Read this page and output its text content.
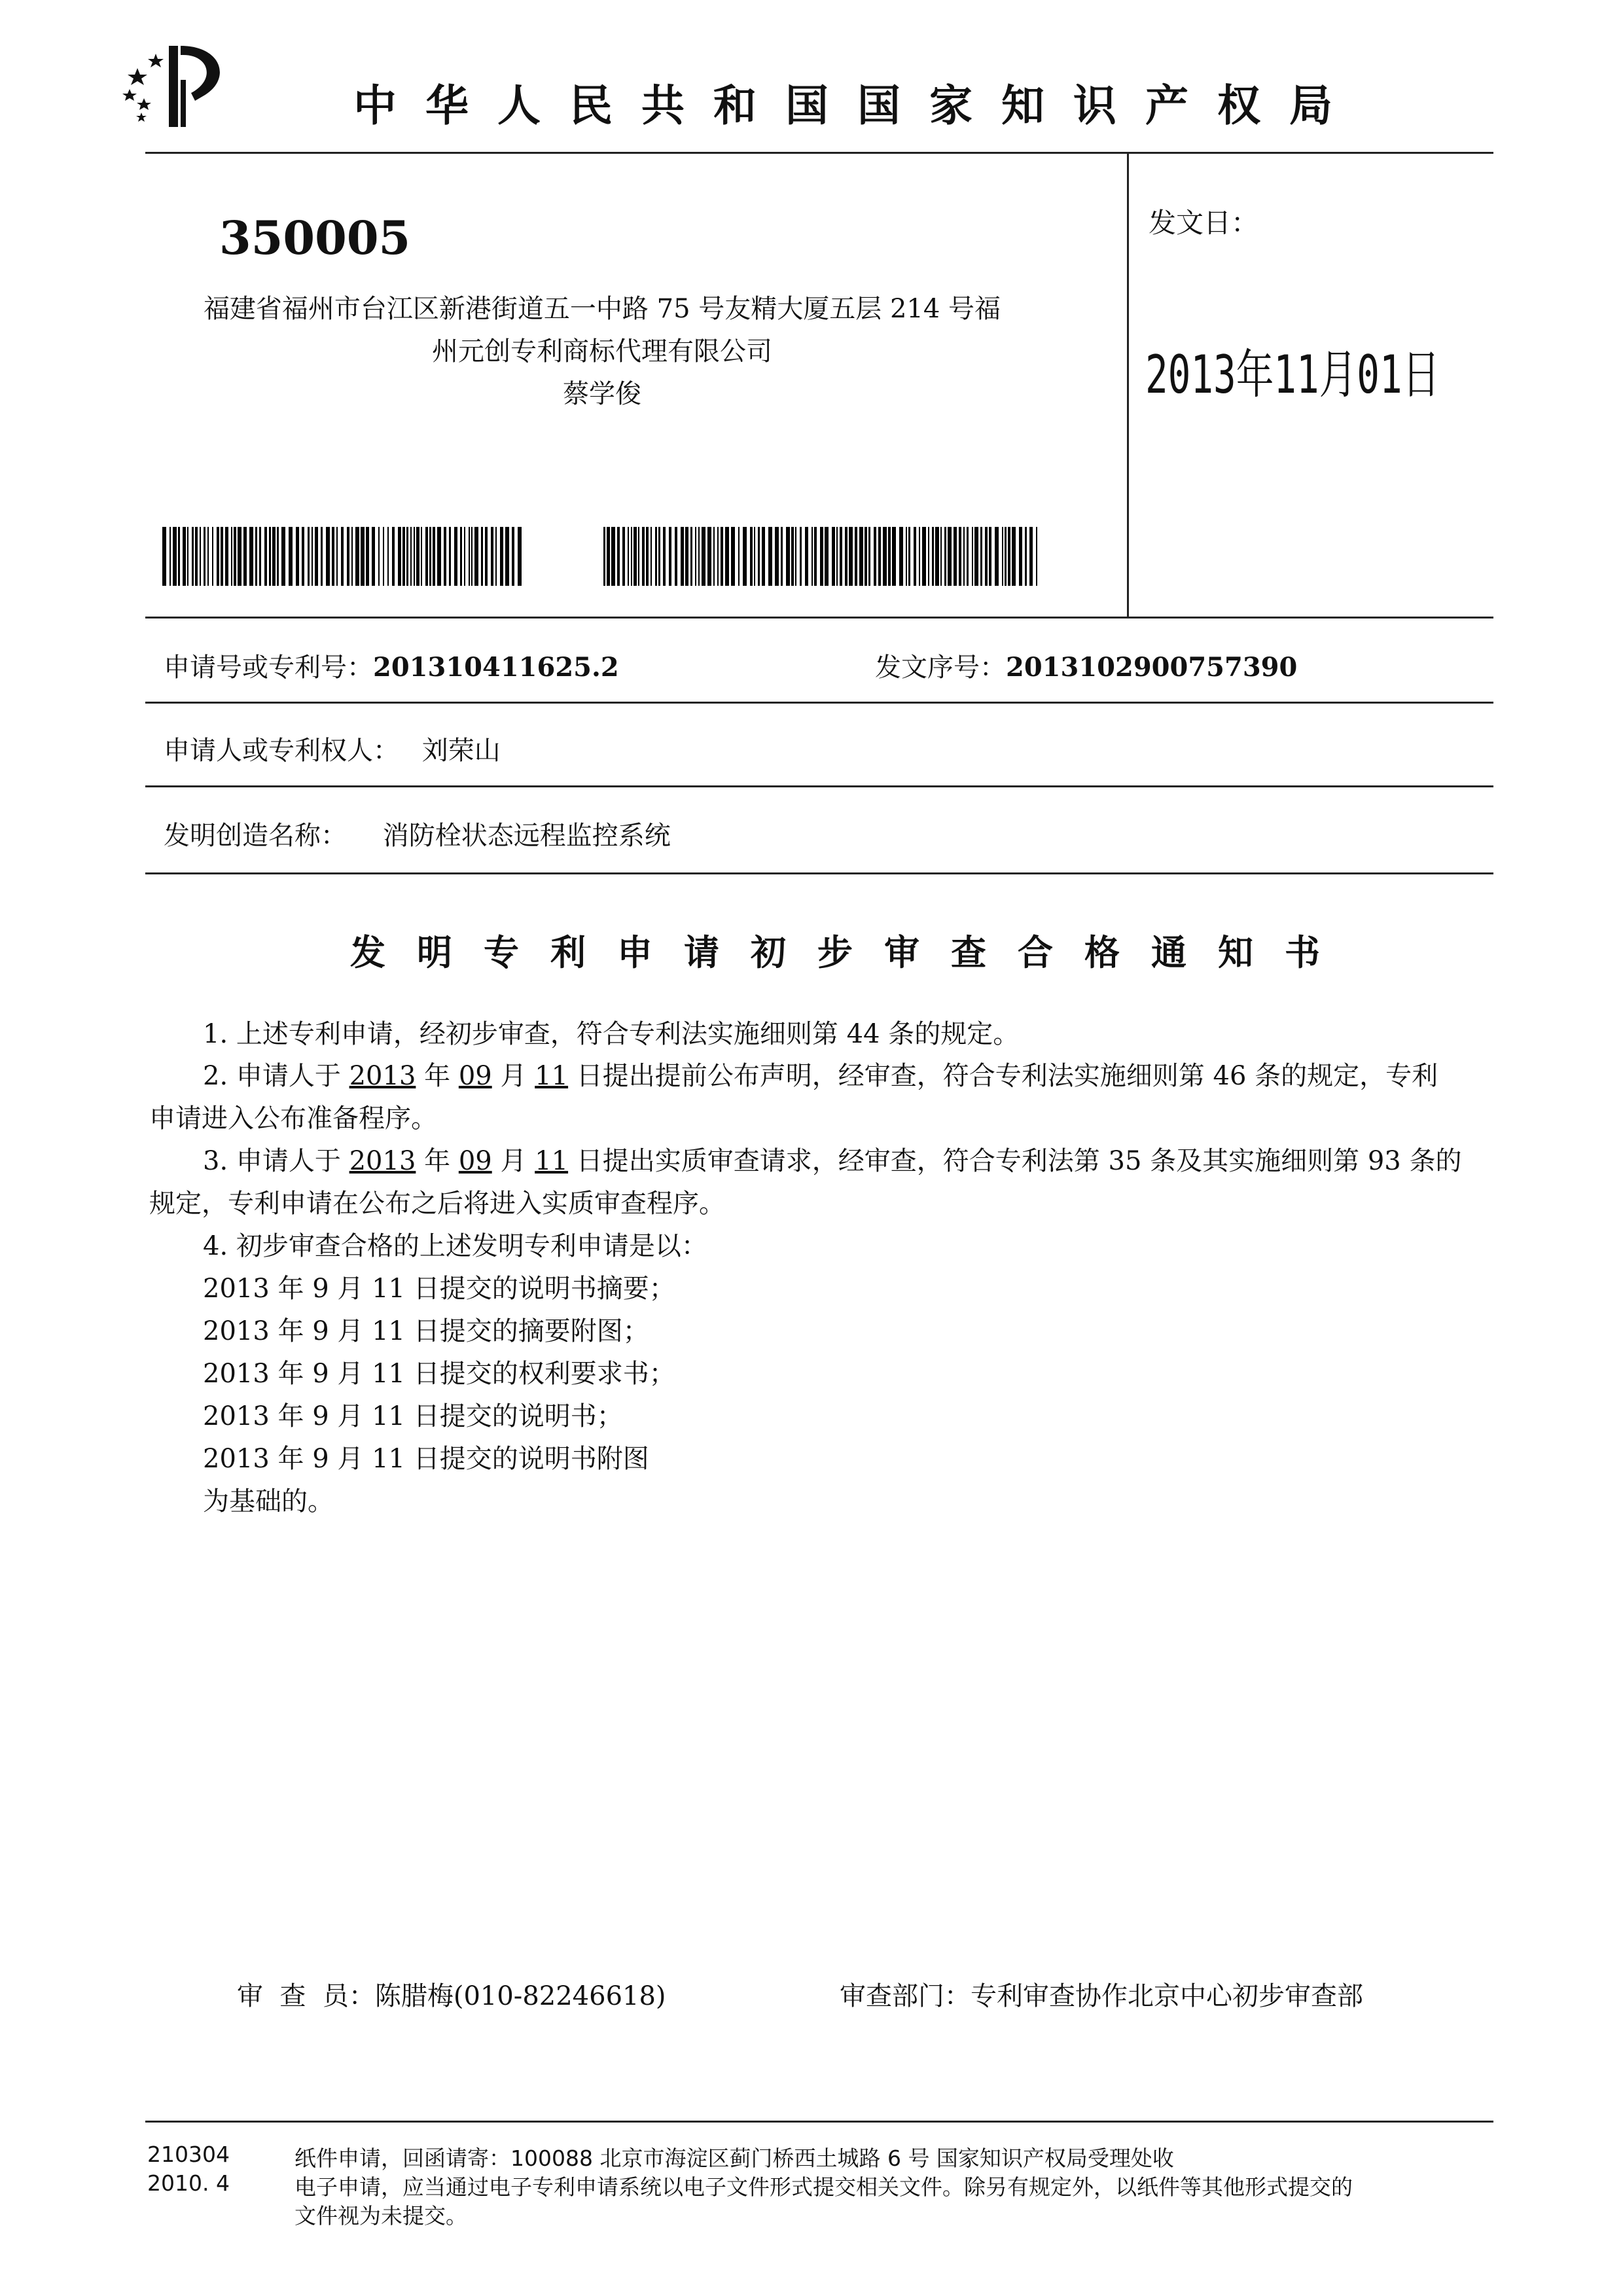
中华人民共和国国家知识产权局
350005
福建省福州市台江区新港街道五一中路 75 号友精大厦五层 214 号福
州元创专利商标代理有限公司
蔡学俊
发文日：
2013年11月01日
申请号或专利号：201310411625.2	发文序号：2013102900757390
申请人或专利权人： 刘荣山
发明创造名称： 消防栓状态远程监控系统
发明专利申请初步审查合格通知书
1. 上述专利申请，经初步审查，符合专利法实施细则第 44 条的规定。
2. 申请人于 2013 年 09 月 11 日提出提前公布声明，经审查，符合专利法实施细则第 46 条的规定，专利
申请进入公布准备程序。
3. 申请人于 2013 年 09 月 11 日提出实质审查请求，经审查，符合专利法第 35 条及其实施细则第 93 条的
规定，专利申请在公布之后将进入实质审查程序。
4. 初步审查合格的上述发明专利申请是以：
2013 年 9 月 11 日提交的说明书摘要；
2013 年 9 月 11 日提交的摘要附图；
2013 年 9 月 11 日提交的权利要求书；
2013 年 9 月 11 日提交的说明书；
2013 年 9 月 11 日提交的说明书附图
为基础的。
审  查  员：陈腊梅(010-82246618)	审查部门：专利审查协作北京中心初步审查部
210304
2010. 4
纸件申请，回函请寄：100088 北京市海淀区蓟门桥西土城路 6 号 国家知识产权局受理处收
电子申请，应当通过电子专利申请系统以电子文件形式提交相关文件。除另有规定外，以纸件等其他形式提交的
文件视为未提交。
